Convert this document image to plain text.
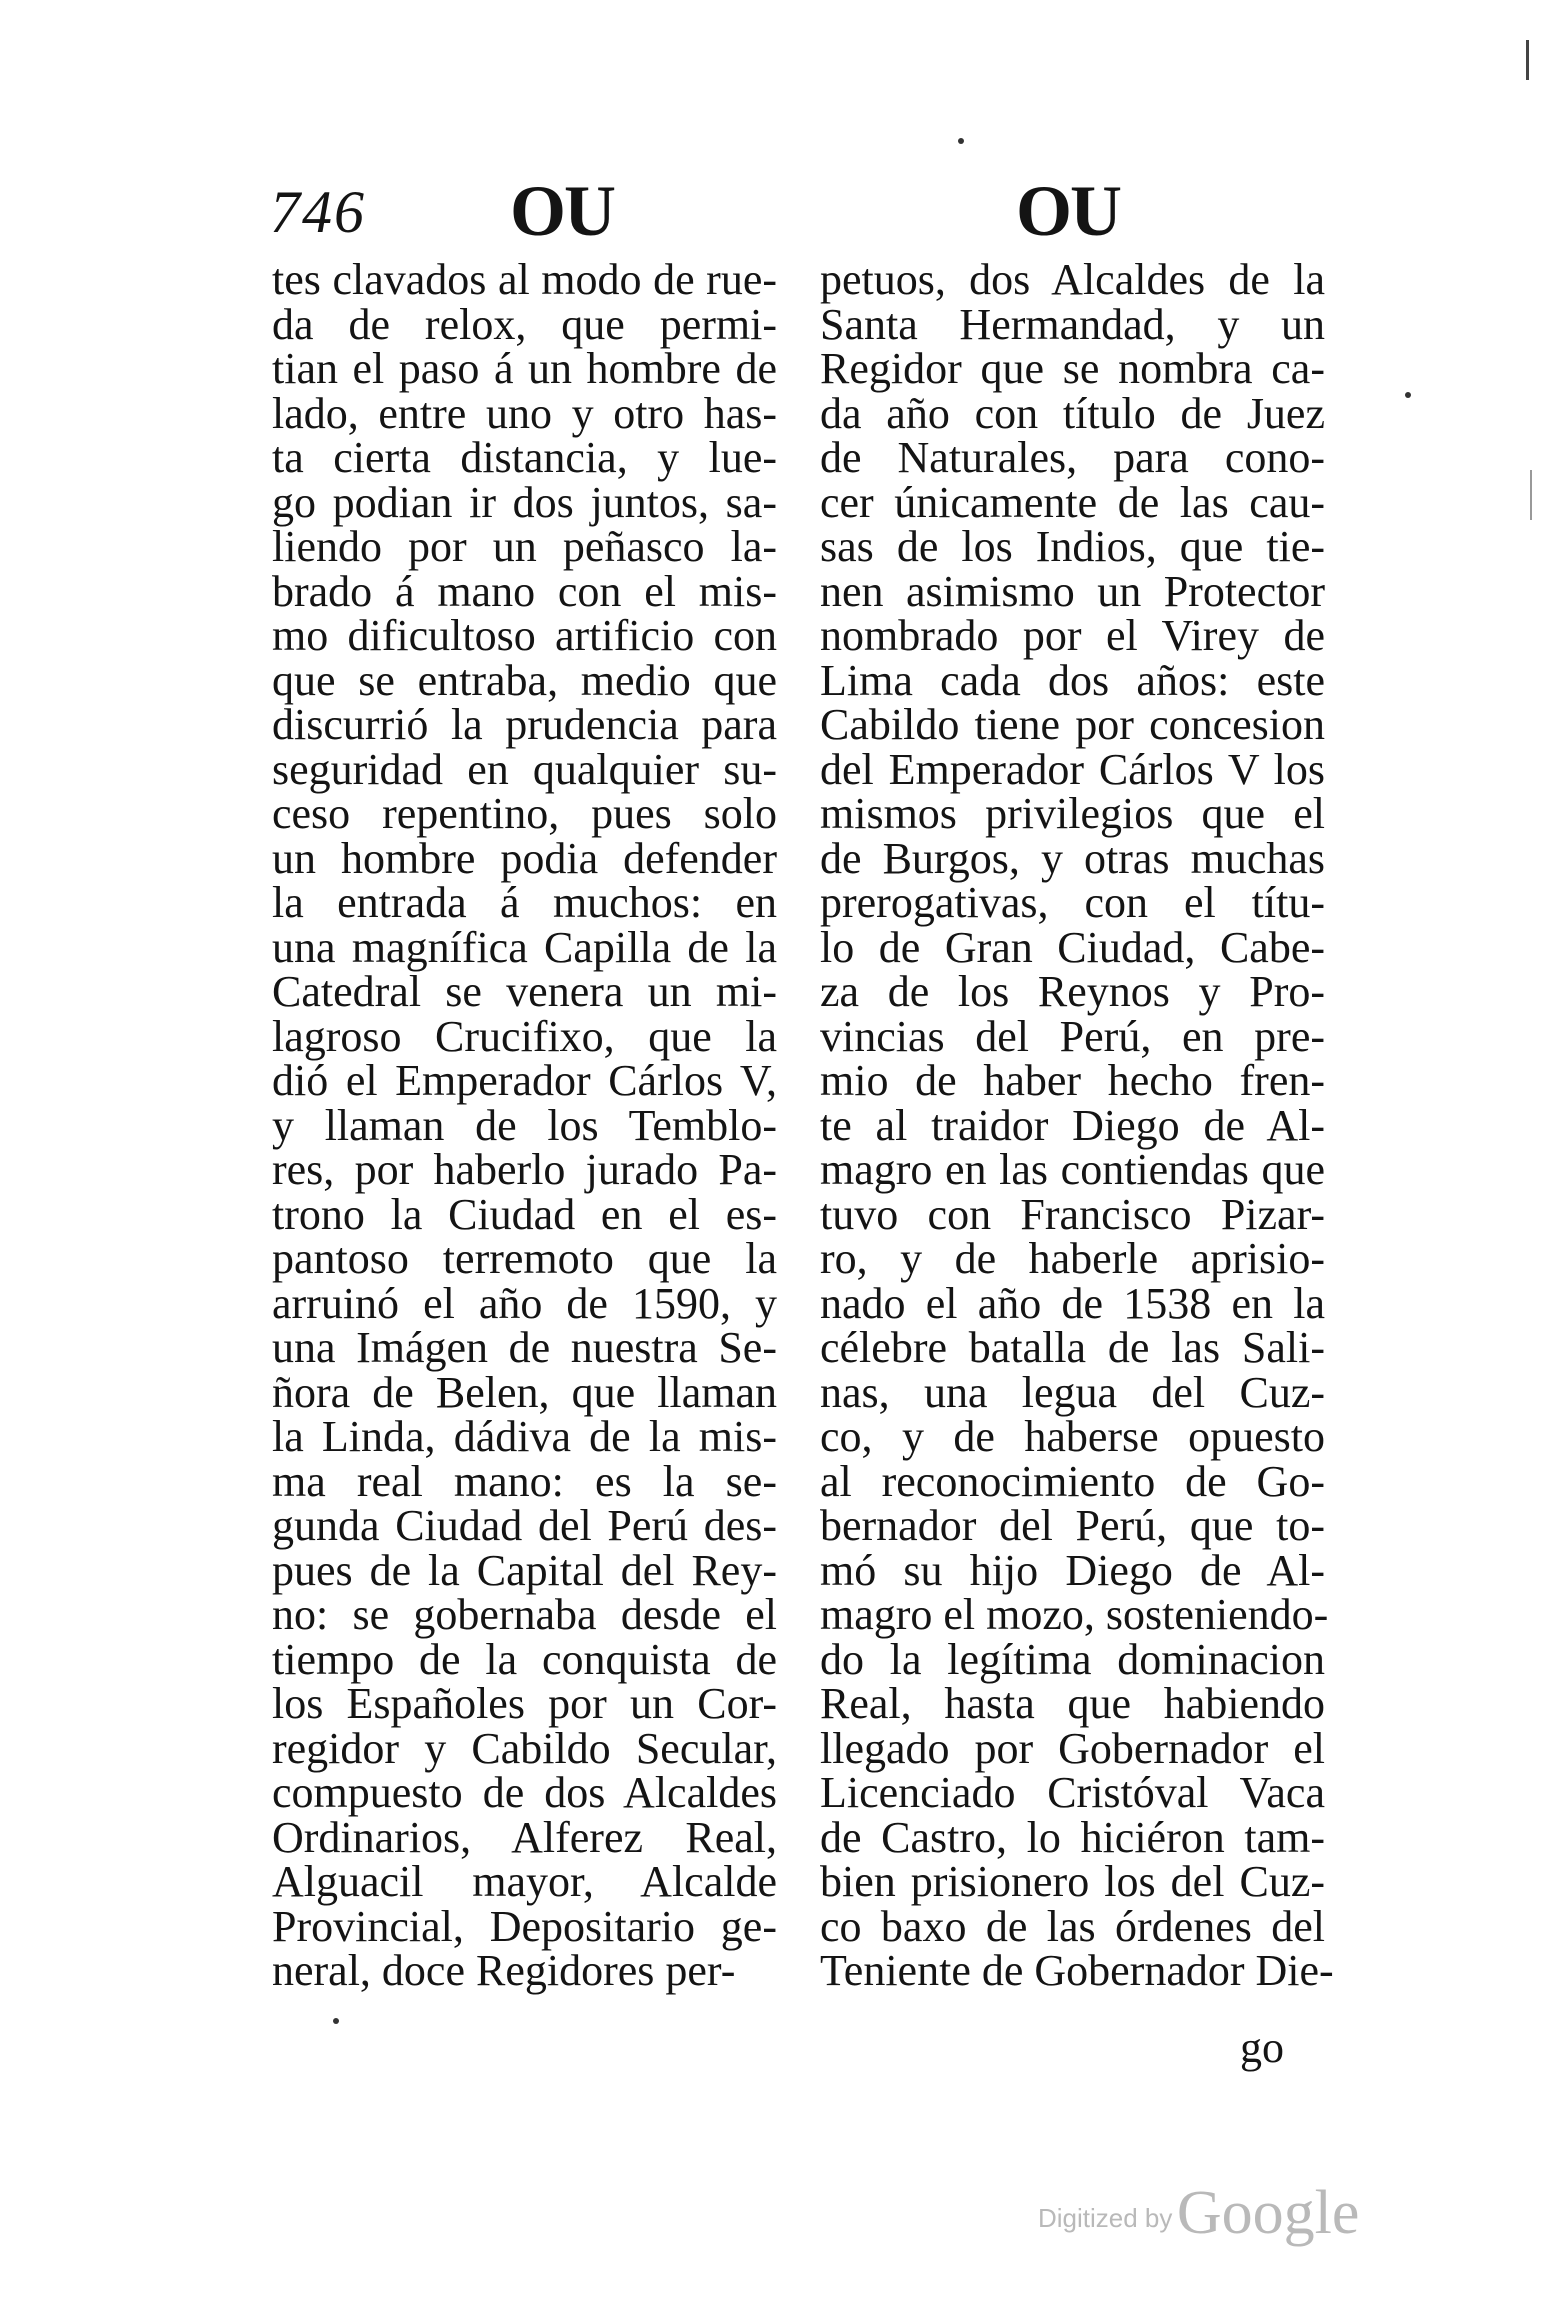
746 OU	OU
tes clavados al modo de rue-
da de relox, que permi-
tian el paso á un hombre de
lado, entre uno y otro has-
ta cierta distancia, y lue-
go podian ir dos juntos, sa-
liendo por un peñasco la-
brado á mano con el mis-
mo dificultoso artificio con
que se entraba, medio que
discurrió la prudencia para
seguridad en qualquier su-
ceso repentino, pues solo
un hombre podia defender
la entrada á muchos: en
una magnífica Capilla de la
Catedral se venera un mi-
lagroso Crucifixo, que la
dió el Emperador Cárlos V,
y llaman de los Temblo-
res, por haberlo jurado Pa-
trono la Ciudad en el es-
pantoso terremoto que la
arruinó el año de 1590, y
una Imágen de nuestra Se-
ñora de Belen, que llaman
la Linda, dádiva de la mis-
ma real mano: es la se-
gunda Ciudad del Perú des-
pues de la Capital del Rey-
no: se gobernaba desde el
tiempo de la conquista de
los Españoles por un Cor-
regidor y Cabildo Secular,
compuesto de dos Alcaldes
Ordinarios, Alferez Real,
Alguacil mayor, Alcalde
Provincial, Depositario ge-
neral, doce Regidores per-
petuos, dos Alcaldes de la
Santa Hermandad, y un
Regidor que se nombra ca-
da año con título de Juez
de Naturales, para cono-
cer únicamente de las cau-
sas de los Indios, que tie-
nen asimismo un Protector
nombrado por el Virey de
Lima cada dos años: este
Cabildo tiene por concesion
del Emperador Cárlos V los
mismos privilegios que el
de Burgos, y otras muchas
prerogativas, con el títu-
lo de Gran Ciudad, Cabe-
za de los Reynos y Pro-
vincias del Perú, en pre-
mio de haber hecho fren-
te al traidor Diego de Al-
magro en las contiendas que
tuvo con Francisco Pizar-
ro, y de haberle aprisio-
nado el año de 1538 en la
célebre batalla de las Sali-
nas, una legua del Cuz-
co, y de haberse opuesto
al reconocimiento de Go-
bernador del Perú, que to-
mó su hijo Diego de Al-
magro el mozo, sosteniendo-
do la legítima dominacion
Real, hasta que habiendo
llegado por Gobernador el
Licenciado Cristóval Vaca
de Castro, lo hiciéron tam-
bien prisionero los del Cuz-
co baxo de las órdenes del
Teniente de Gobernador Die-
go
Digitized by Google
